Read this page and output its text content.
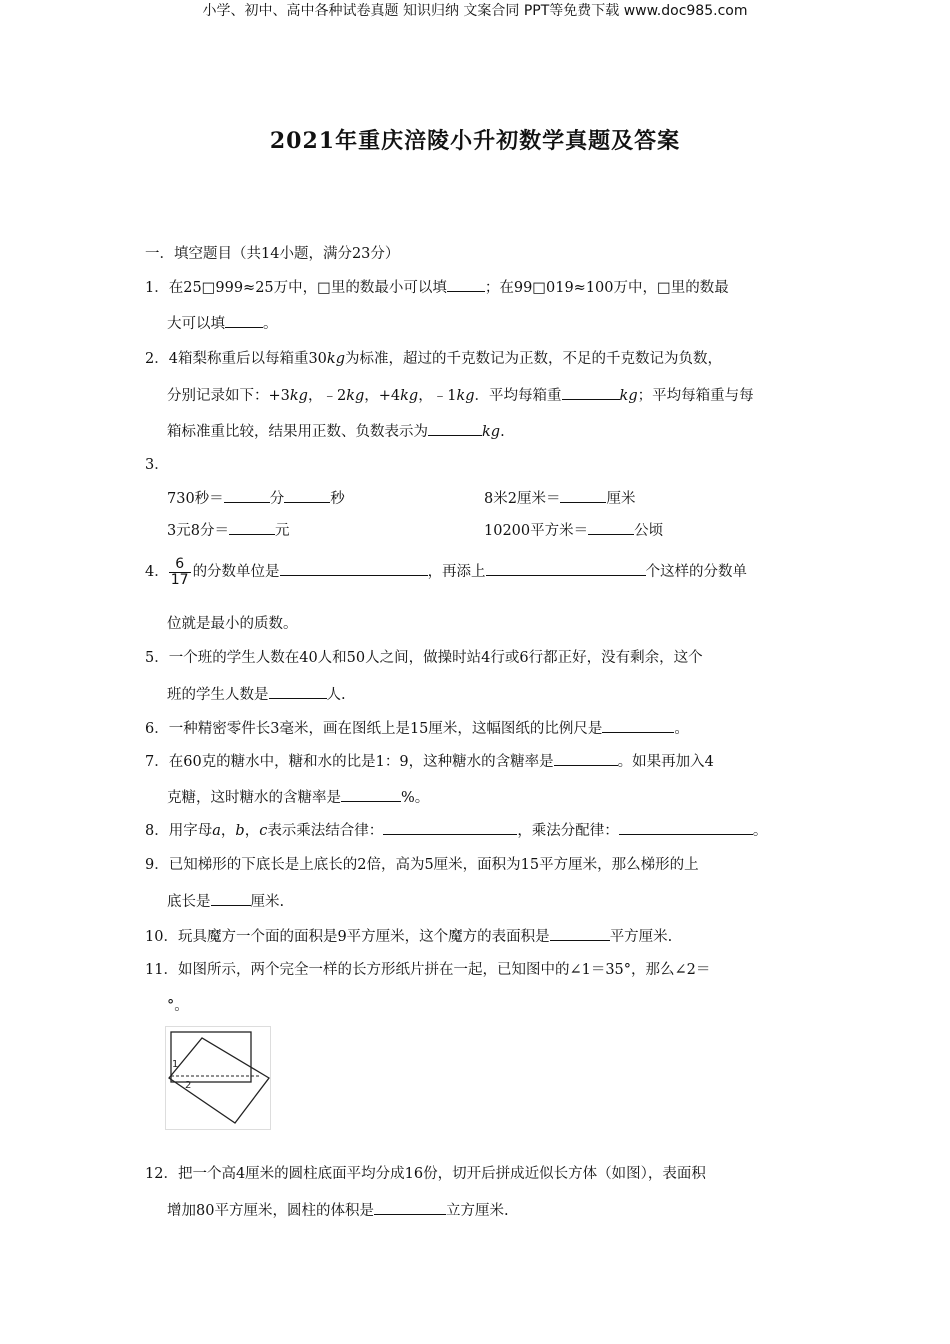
小学、初中、高中各种试卷真题 知识归纳 文案合同 PPT等免费下载 www.doc985.com
2021年重庆涪陵小升初数学真题及答案
一．填空题目（共14小题，满分23分）
1．在25□999≈25万中，□里的数最小可以填	；在99□019≈100万中，□里的数最
大可以填	。
2．4箱梨称重后以每箱重30kg为标准，超过的千克数记为正数，不足的千克数记为负数，
分别记录如下：+3kg，﹣2kg，+4kg，﹣1kg．平均每箱重	kg；平均每箱重与每
箱标准重比较，结果用正数、负数表示为	kg.
3．
730秒＝	分	秒	8米2厘米＝	厘米
3元8分＝	元	10200平方米＝	公顷
4． $\frac{6}{17}$ 的分数单位是	，再添上	个这样的分数单
位就是最小的质数。
5．一个班的学生人数在40人和50人之间，做操时站4行或6行都正好，没有剩余，这个
班的学生人数是	人.
6．一种精密零件长3毫米，画在图纸上是15厘米，这幅图纸的比例尺是	。
7．在60克的糖水中，糖和水的比是1：9，这种糖水的含糖率是	。如果再加入4
克糖，这时糖水的含糖率是	%。
8．用字母a，b，c表示乘法结合律：	，乘法分配律：	。
9．已知梯形的下底长是上底长的2倍，高为5厘米，面积为15平方厘米，那么梯形的上
底长是	厘米.
10．玩具魔方一个面的面积是9平方厘米，这个魔方的表面积是	平方厘米.
11．如图所示，两个完全一样的长方形纸片拼在一起，已知图中的∠1＝35°，那么∠2＝
°。
12．把一个高4厘米的圆柱底面平均分成16份，切开后拼成近似长方体（如图），表面积
增加80平方厘米，圆柱的体积是	立方厘米.
1
2
